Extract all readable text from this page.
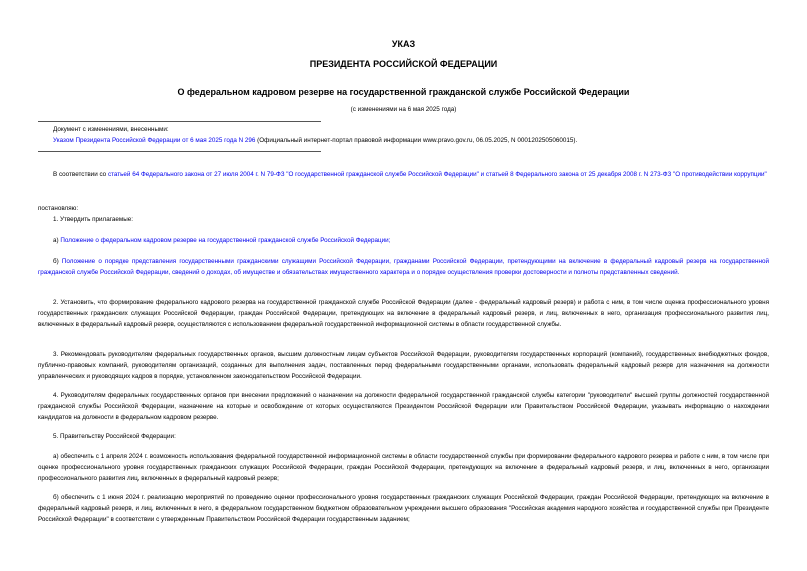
УКАЗ
ПРЕЗИДЕНТА РОССИЙСКОЙ ФЕДЕРАЦИИ
О федеральном кадровом резерве на государственной гражданской службе Российской Федерации
(с изменениями на 6 мая 2025 года)
Документ с изменениями, внесенными:
Указом Президента Российской Федерации от 6 мая 2025 года N 296 (Официальный интернет-портал правовой информации www.pravo.gov.ru, 06.05.2025, N 0001202505060015).
В соответствии со статьей 64 Федерального закона от 27 июля 2004 г. N 79-ФЗ "О государственной гражданской службе Российской Федерации" и статьей 8 Федерального закона от 25 декабря 2008 г. N 273-ФЗ "О противодействии коррупции"
постановляю:
1. Утвердить прилагаемые:
а) Положение о федеральном кадровом резерве на государственной гражданской службе Российской Федерации;
б) Положение о порядке представления государственными гражданскими служащими Российской Федерации, гражданами Российской Федерации, претендующими на включение в федеральный кадровый резерв на государственной гражданской службе Российской Федерации, сведений о доходах, об имуществе и обязательствах имущественного характера и о порядке осуществления проверки достоверности и полноты представленных сведений.
2. Установить, что формирование федерального кадрового резерва на государственной гражданской службе Российской Федерации (далее - федеральный кадровый резерв) и работа с ним, в том числе оценка профессионального уровня государственных гражданских служащих Российской Федерации, граждан Российской Федерации, претендующих на включение в федеральный кадровый резерв, и лиц, включенных в него, организация профессионального развития лиц, включенных в федеральный кадровый резерв, осуществляются с использованием федеральной государственной информационной системы в области государственной службы.
3. Рекомендовать руководителям федеральных государственных органов, высшим должностным лицам субъектов Российской Федерации, руководителям государственных корпораций (компаний), государственных внебюджетных фондов, публично-правовых компаний, руководителям организаций, созданных для выполнения задач, поставленных перед федеральными государственными органами, использовать федеральный кадровый резерв для назначения на должности управленческих и руководящих кадров в порядке, установленном законодательством Российской Федерации.
4. Руководителям федеральных государственных органов при внесении предложений о назначении на должности федеральной государственной гражданской службы категории "руководители" высшей группы должностей государственной гражданской службы Российской Федерации, назначение на которые и освобождение от которых осуществляются Президентом Российской Федерации или Правительством Российской Федерации, указывать информацию о нахождении кандидатов на должности в федеральном кадровом резерве.
5. Правительству Российской Федерации:
а) обеспечить с 1 апреля 2024 г. возможность использования федеральной государственной информационной системы в области государственной службы при формировании федерального кадрового резерва и работе с ним, в том числе при оценке профессионального уровня государственных гражданских служащих Российской Федерации, граждан Российской Федерации, претендующих на включение в федеральный кадровый резерв, и лиц, включенных в него, организации профессионального развития лиц, включенных в федеральный кадровый резерв;
б) обеспечить с 1 июня 2024 г. реализацию мероприятий по проведению оценки профессионального уровня государственных гражданских служащих Российской Федерации, граждан Российской Федерации, претендующих на включение в федеральный кадровый резерв, и лиц, включенных в него, в федеральном государственном бюджетном образовательном учреждении высшего образования "Российская академия народного хозяйства и государственной службы при Президенте Российской Федерации" в соответствии с утвержденным Правительством Российской Федерации государственным заданием;
